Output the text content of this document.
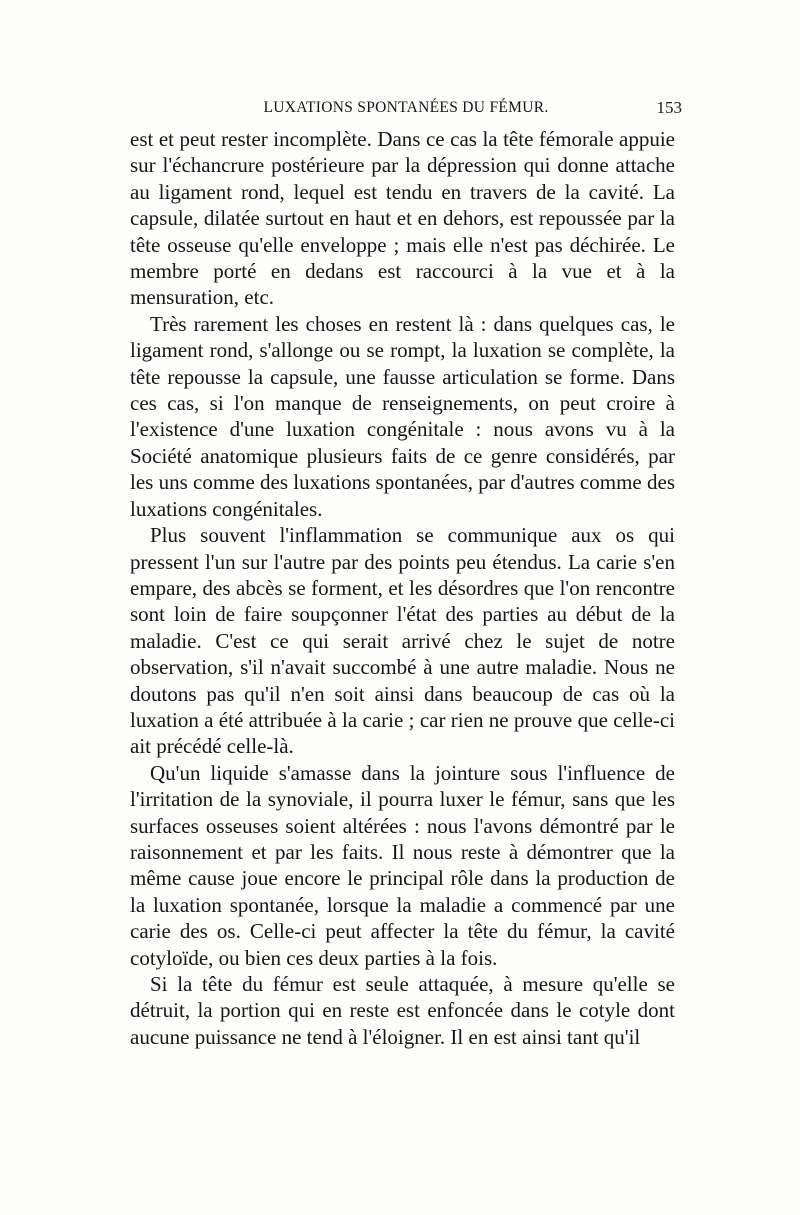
LUXATIONS SPONTANÉES DU FÉMUR.	153

est et peut rester incomplète. Dans ce cas la tête fémorale appuie sur l'échancrure postérieure par la dépression qui donne attache au ligament rond, lequel est tendu en travers de la cavité. La capsule, dilatée surtout en haut et en dehors, est repoussée par la tête osseuse qu'elle enveloppe ; mais elle n'est pas déchirée. Le membre porté en dedans est raccourci à la vue et à la mensuration, etc.

Très rarement les choses en restent là : dans quelques cas, le ligament rond, s'allonge ou se rompt, la luxation se complète, la tête repousse la capsule, une fausse articulation se forme. Dans ces cas, si l'on manque de renseignements, on peut croire à l'existence d'une luxation congénitale : nous avons vu à la Société anatomique plusieurs faits de ce genre considérés, par les uns comme des luxations spontanées, par d'autres comme des luxations congénitales.

Plus souvent l'inflammation se communique aux os qui pressent l'un sur l'autre par des points peu étendus. La carie s'en empare, des abcès se forment, et les désordres que l'on rencontre sont loin de faire soupçonner l'état des parties au début de la maladie. C'est ce qui serait arrivé chez le sujet de notre observation, s'il n'avait succombé à une autre maladie. Nous ne doutons pas qu'il n'en soit ainsi dans beaucoup de cas où la luxation a été attribuée à la carie ; car rien ne prouve que celle-ci ait précédé celle-là.

Qu'un liquide s'amasse dans la jointure sous l'influence de l'irritation de la synoviale, il pourra luxer le fémur, sans que les surfaces osseuses soient altérées : nous l'avons démontré par le raisonnement et par les faits. Il nous reste à démontrer que la même cause joue encore le principal rôle dans la production de la luxation spontanée, lorsque la maladie a commencé par une carie des os. Celle-ci peut affecter la tête du fémur, la cavité cotyloïde, ou bien ces deux parties à la fois.

Si la tête du fémur est seule attaquée, à mesure qu'elle se détruit, la portion qui en reste est enfoncée dans le cotyle dont aucune puissance ne tend à l'éloigner. Il en est ainsi tant qu'il
